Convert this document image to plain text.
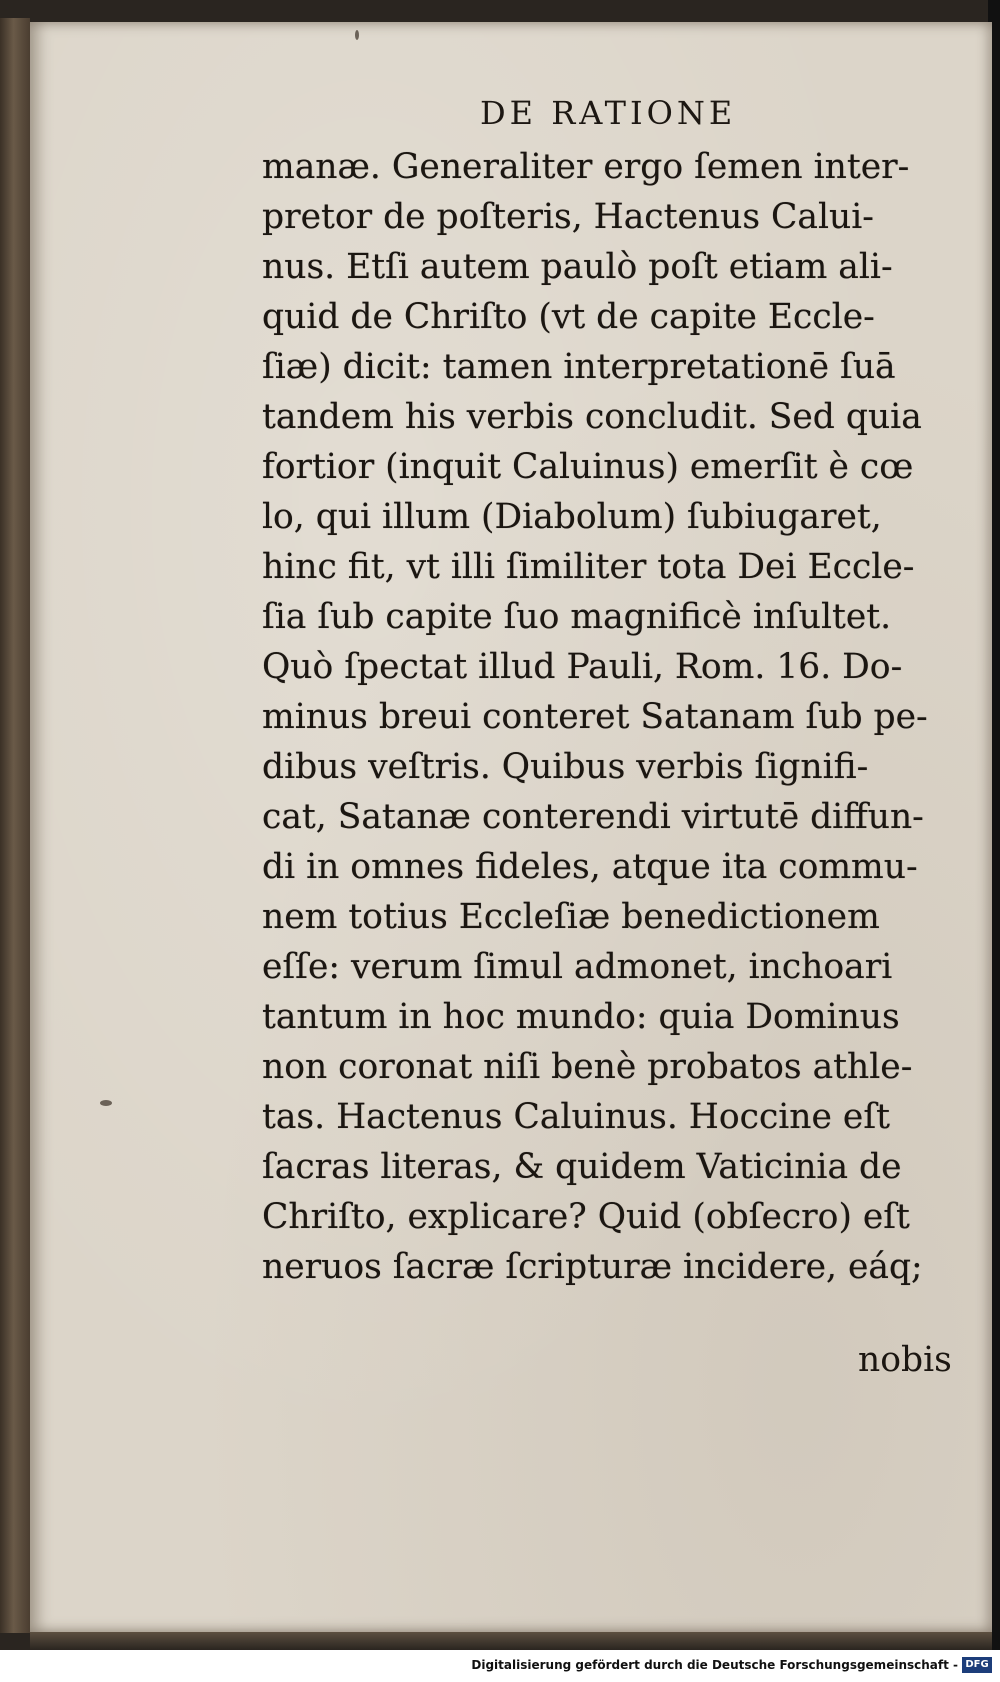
DE RATIONE
manæ. Generaliter ergo ſemen inter-
pretor de poſteris, Hactenus Calui-
nus. Etſi autem paulò poſt etiam ali-
quid de Chriſto (vt de capite Eccle-
ſiæ) dicit: tamen interpretationē ſuā
tandem his verbis concludit. Sed quia
fortior (inquit Caluinus) emerſit è cœ
lo, qui illum (Diabolum) ſubiugaret,
hinc fit, vt illi ſimiliter tota Dei Eccle-
ſia ſub capite ſuo magnificè inſultet.
Quò ſpectat illud Pauli, Rom. 16. Do-
minus breui conteret Satanam ſub pe-
dibus veſtris. Quibus verbis ſignifi-
cat, Satanæ conterendi virtutē diffun-
di in omnes fideles, atque ita commu-
nem totius Eccleſiæ benedictionem
eſſe: verum ſimul admonet, inchoari
tantum in hoc mundo: quia Dominus
non coronat niſi benè probatos athle-
tas. Hactenus Caluinus. Hoccine eſt
ſacras literas, & quidem Vaticinia de
Chriſto, explicare? Quid (obſecro) eſt
neruos ſacræ ſcripturæ incidere, eáq;
nobis
Digitalisierung gefördert durch die Deutsche Forschungsgemeinschaft - DFG
